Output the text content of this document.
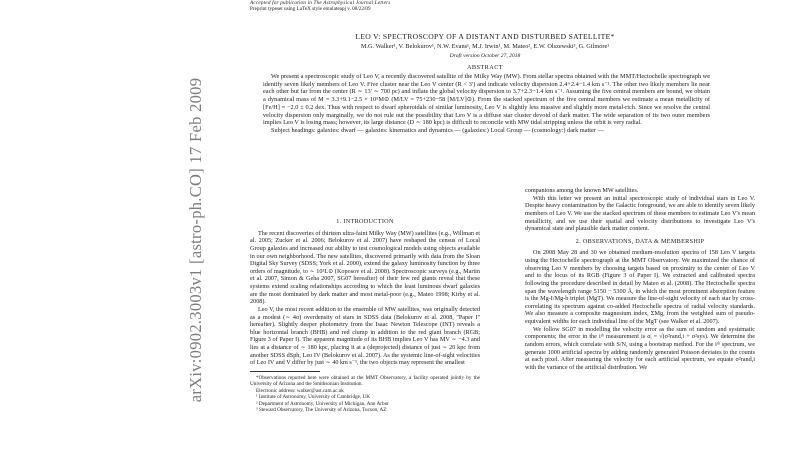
arXiv:0902.3003v1 [astro-ph.CO] 17 Feb 2009
Accepted for publication in The Astrophysical Journal Letters
Preprint typeset using LaTeX style emulateapj v. 08/22/09
LEO V: SPECTROSCOPY OF A DISTANT AND DISTURBED SATELLITE*
M.G. Walker¹, V. Belokurov¹, N.W. Evans¹, M.J. Irwin¹, M. Mateo², E.W. Olszewski³, G. Gilmore¹
Draft version October 27, 2018
ABSTRACT

We present a spectroscopic study of Leo V, a recently discovered satellite of the Milky Way (MW). From stellar spectra obtained with the MMT/Hectochelle spectrograph we identify seven likely members of Leo V. Five cluster near the Leo V center (R < 3′) and indicate velocity dispersion 2.4+2.4−1.4 km s⁻¹. The other two likely members lie near each other but far from the center (R ∼ 13′ ∼ 700 pc) and inflate the global velocity dispersion to 3.7+2.3−1.4 km s⁻¹. Assuming the five central members are bound, we obtain a dynamical mass of M = 3.3+9.1−2.5 × 10⁵M⊙ (M/LV = 75+230−58 [M/LV]⊙). From the stacked spectrum of the five central members we estimate a mean metallicity of [Fe/H] = −2.0 ± 0.2 dex. Thus with respect to dwarf spheroidals of similar luminosity, Leo V is slightly less massive and slightly more metal-rich. Since we resolve the central velocity dispersion only marginally, we do not rule out the possibility that Leo V is a diffuse star cluster devoid of dark matter. The wide separation of its two outer members implies Leo V is losing mass; however, its large distance (D ∼ 180 kpc) is difficult to reconcile with MW tidal stripping unless the orbit is very radial.

Subject headings: galaxies: dwarf — galaxies: kinematics and dynamics — (galaxies:) Local Group — (cosmology:) dark matter —

1. INTRODUCTION

The recent discoveries of thirteen ultra-faint Milky Way (MW) satellites (e.g., Willman et al. 2005; Zucker et al. 2006; Belokurov et al. 2007) have reshaped the census of Local Group galaxies and increased our ability to test cosmological models using objects available in our own neighborhood. The new satellites, discovered primarily with data from the Sloan Digital Sky Survey (SDSS; York et al. 2000), extend the galaxy luminosity function by three orders of magnitude, to ∼ 10³L⊙ (Koposov et al. 2008). Spectroscopic surveys (e.g., Martin et al. 2007, Simon & Geha 2007, SG07 hereafter) of their few red giants reveal that these systems extend scaling relationships according to which the least luminous dwarf galaxies are the most dominated by dark matter and most metal-poor (e.g., Mateo 1998; Kirby et al. 2008).

Leo V, the most recent addition to the ensemble of MW satellites, was originally detected as a modest (∼ 4σ) overdensity of stars in SDSS data (Belokurov et al. 2008, "Paper I" hereafter). Slightly deeper photometry from the Isaac Newton Telescope (INT) reveals a blue horizontal branch (BHB) and red clump in addition to the red giant branch (RGB; Figure 3 of Paper I). The apparent magnitude of its BHB implies Leo V has MV ∼ −4.3 and lies at a distance of ∼ 180 kpc, placing it at a (deprojected) distance of just ∼ 20 kpc from another SDSS dSph, Leo IV (Belokurov et al. 2007). As the systemic line-of-sight velocities of Leo IV and V differ by just ∼ 40 km s⁻¹, the two objects may represent the smallest

*Observations reported here were obtained at the MMT Observatory, a facility operated jointly by the University of Arizona and the Smithsonian Institution.
Electronic address: walker@ast.cam.ac.uk
¹ Institute of Astronomy, University of Cambridge, UK
² Department of Astronomy, University of Michigan, Ann Arbor
³ Steward Observatory, The University of Arizona, Tucson, AZ

companions among the known MW satellites.

With this letter we present an initial spectroscopic study of individual stars in Leo V. Despite heavy contamination by the Galactic foreground, we are able to identify seven likely members of Leo V. We use the stacked spectrum of these members to estimate Leo V's mean metallicity, and we use their spatial and velocity distributions to investigate Leo V's dynamical state and plausible dark matter content.

2. OBSERVATIONS, DATA & MEMBERSHIP

On 2008 May 28 and 30 we obtained medium-resolution spectra of 158 Leo V targets using the Hectochelle spectrograph at the MMT Observatory. We maximized the chance of observing Leo V members by choosing targets based on proximity to the center of Leo V and to the locus of its RGB (Figure 3 of Paper I). We extracted and calibrated spectra following the procedure described in detail by Mateo et al. (2008). The Hectochelle spectra span the wavelength range 5150 − 5300 Å, in which the most prominent absorption feature is the Mg-I/Mg-b triplet (MgT). We measure the line-of-sight velocity of each star by cross-correlating its spectrum against co-added Hectochelle spectra of radial velocity standards. We also measure a composite magnesium index, ΣMg, from the weighted sum of pseudo-equivalent widths for each individual line of the MgT (see Walker et al. 2007).

We follow SG07 in modelling the velocity error as the sum of random and systematic components; the error in the iᵗʰ measurement is σᵢ = √(σ²rand,i + σ²sys). We determine the random errors, which correlate with S/N, using a bootstrap method. For the iᵗʰ spectrum, we generate 1000 artificial spectra by adding randomly generated Poisson deviates to the counts at each pixel. After measuring the velocity for each artificial spectrum, we equate σ²rand,i with the variance of the artificial distribution. We
